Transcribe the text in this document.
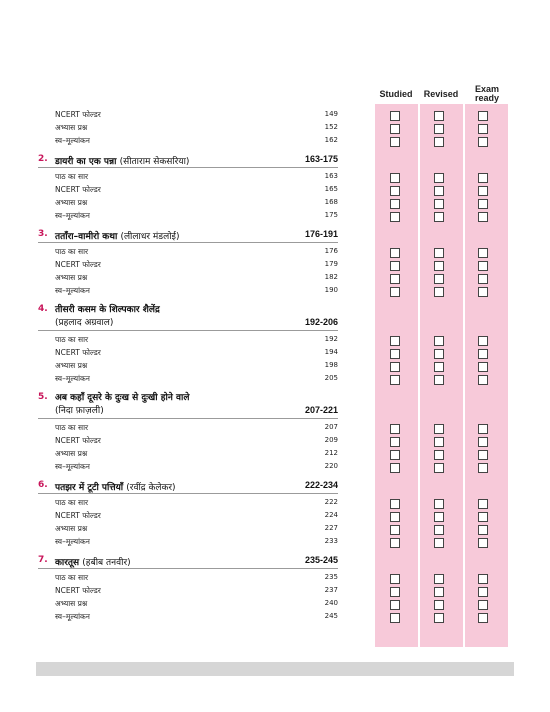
Studied	Revised	Exam ready
NCERT फोल्डर	149
अभ्यास प्रश्न	152
स्व–मूल्यांकन	162
2. डायरी का एक पन्ना (सीताराम सेकसरिया)	163-175
पाठ का सार	163
NCERT फोल्डर	165
अभ्यास प्रश्न	168
स्व–मूल्यांकन	175
3. तताँरा–वामीरो कथा (लीलाधर मंडलोई)	176-191
पाठ का सार	176
NCERT फोल्डर	179
अभ्यास प्रश्न	182
स्व–मूल्यांकन	190
4. तीसरी कसम के शिल्पकार शैलेंद्र
(प्रहलाद अग्रवाल)	192-206
पाठ का सार	192
NCERT फोल्डर	194
अभ्यास प्रश्न	198
स्व–मूल्यांकन	205
5. अब कहाँ दूसरे के दुःख से दुःखी होने वाले
(निदा फ़ाज़ली)	207-221
पाठ का सार	207
NCERT फोल्डर	209
अभ्यास प्रश्न	212
स्व–मूल्यांकन	220
6. पतझर में टूटी पत्तियाँ (रवींद्र केलेकर)	222-234
पाठ का सार	222
NCERT फोल्डर	224
अभ्यास प्रश्न	227
स्व–मूल्यांकन	233
7. कारतूस (हबीब तनवीर)	235-245
पाठ का सार	235
NCERT फोल्डर	237
अभ्यास प्रश्न	240
स्व–मूल्यांकन	245
